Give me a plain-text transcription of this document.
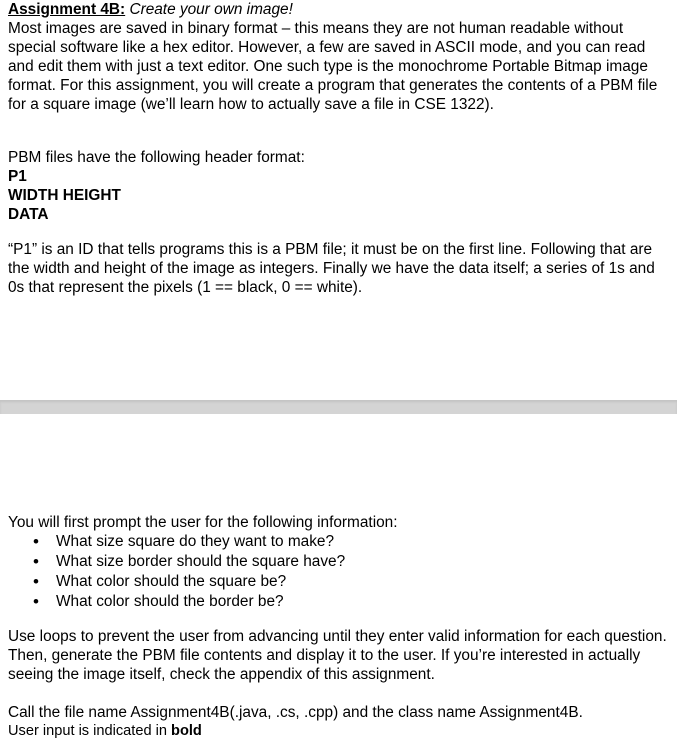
Assignment 4B: Create your own image!

Most images are saved in binary format – this means they are not human readable without special software like a hex editor. However, a few are saved in ASCII mode, and you can read and edit them with just a text editor. One such type is the monochrome Portable Bitmap image format. For this assignment, you will create a program that generates the contents of a PBM file for a square image (we’ll learn how to actually save a file in CSE 1322).

PBM files have the following header format:

P1
WIDTH HEIGHT
DATA

“P1” is an ID that tells programs this is a PBM file; it must be on the first line. Following that are the width and height of the image as integers. Finally we have the data itself; a series of 1s and 0s that represent the pixels (1 == black, 0 == white).

You will first prompt the user for the following information:

• What size square do they want to make?
• What size border should the square have?
• What color should the square be?
• What color should the border be?

Use loops to prevent the user from advancing until they enter valid information for each question. Then, generate the PBM file contents and display it to the user. If you’re interested in actually seeing the image itself, check the appendix of this assignment.

Call the file name Assignment4B(.java, .cs, .cpp) and the class name Assignment4B.

User input is indicated in bold
